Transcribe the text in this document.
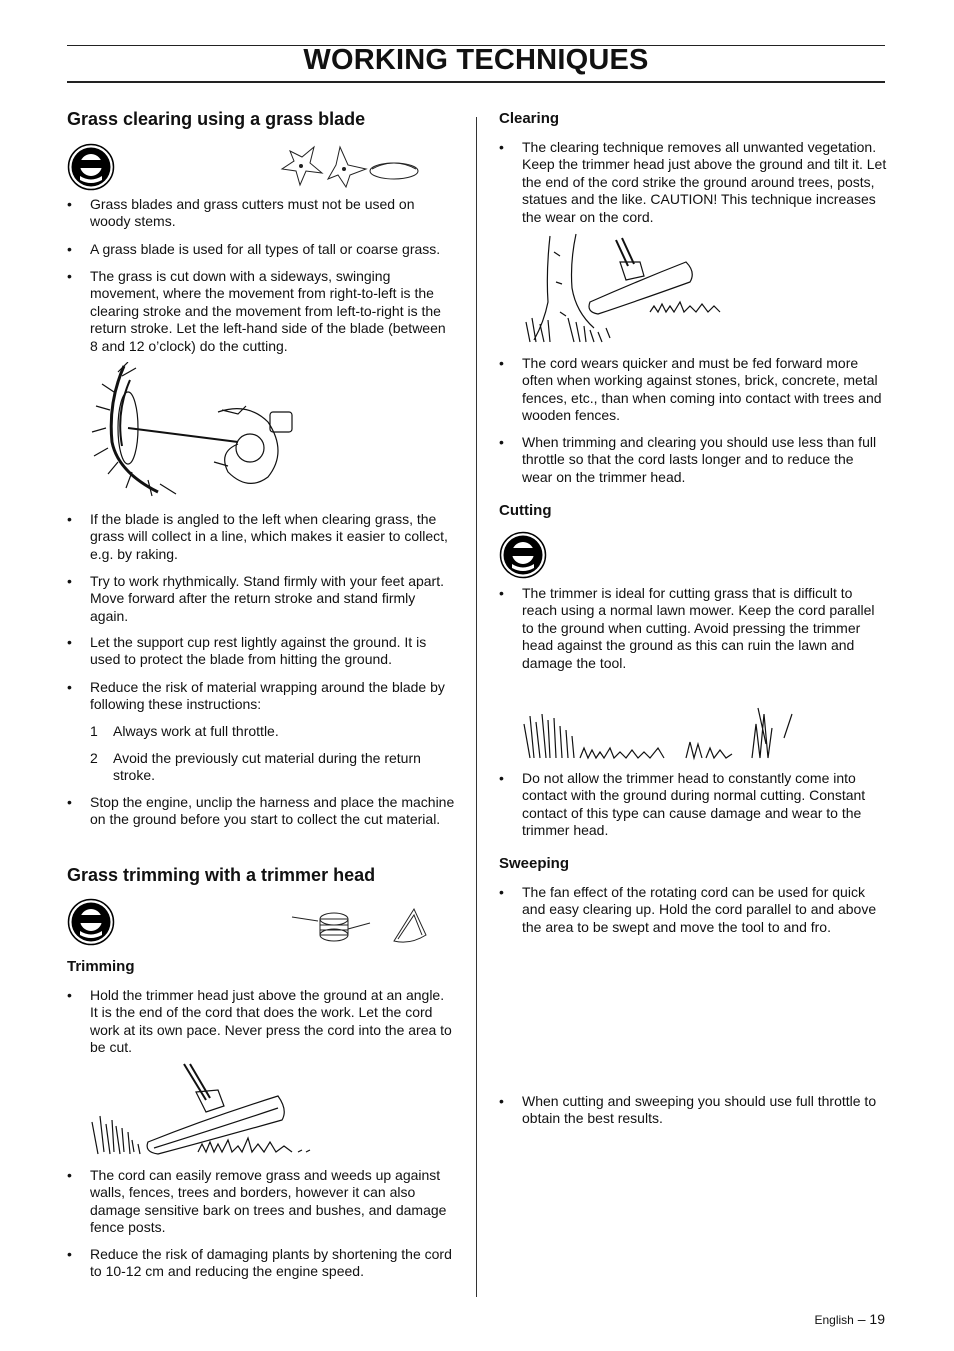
WORKING TECHNIQUES
Grass clearing using a grass blade
• Grass blades and grass cutters must not be used on woody stems.
• A grass blade is used for all types of tall or coarse grass.
• The grass is cut down with a sideways, swinging movement, where the movement from right-to-left is the clearing stroke and the movement from left-to-right is the return stroke. Let the left-hand side of the blade (between 8 and 12 o’clock) do the cutting.
• If the blade is angled to the left when clearing grass, the grass will collect in a line, which makes it easier to collect, e.g. by raking.
• Try to work rhythmically. Stand firmly with your feet apart. Move forward after the return stroke and stand firmly again.
• Let the support cup rest lightly against the ground. It is used to protect the blade from hitting the ground.
• Reduce the risk of material wrapping around the blade by following these instructions:
1 Always work at full throttle.
2 Avoid the previously cut material during the return stroke.
• Stop the engine, unclip the harness and place the machine on the ground before you start to collect the cut material.
Grass trimming with a trimmer head
Trimming
• Hold the trimmer head just above the ground at an angle. It is the end of the cord that does the work. Let the cord work at its own pace. Never press the cord into the area to be cut.
• The cord can easily remove grass and weeds up against walls, fences, trees and borders, however it can also damage sensitive bark on trees and bushes, and damage fence posts.
• Reduce the risk of damaging plants by shortening the cord to 10-12 cm and reducing the engine speed.
Clearing
• The clearing technique removes all unwanted vegetation. Keep the trimmer head just above the ground and tilt it. Let the end of the cord strike the ground around trees, posts, statues and the like. CAUTION! This technique increases the wear on the cord.
• The cord wears quicker and must be fed forward more often when working against stones, brick, concrete, metal fences, etc., than when coming into contact with trees and wooden fences.
• When trimming and clearing you should use less than full throttle so that the cord lasts longer and to reduce the wear on the trimmer head.
Cutting
• The trimmer is ideal for cutting grass that is difficult to reach using a normal lawn mower. Keep the cord parallel to the ground when cutting. Avoid pressing the trimmer head against the ground as this can ruin the lawn and damage the tool.
• Do not allow the trimmer head to constantly come into contact with the ground during normal cutting. Constant contact of this type can cause damage and wear to the trimmer head.
Sweeping
• The fan effect of the rotating cord can be used for quick and easy clearing up. Hold the cord parallel to and above the area to be swept and move the tool to and fro.
• When cutting and sweeping you should use full throttle to obtain the best results.
English – 19
